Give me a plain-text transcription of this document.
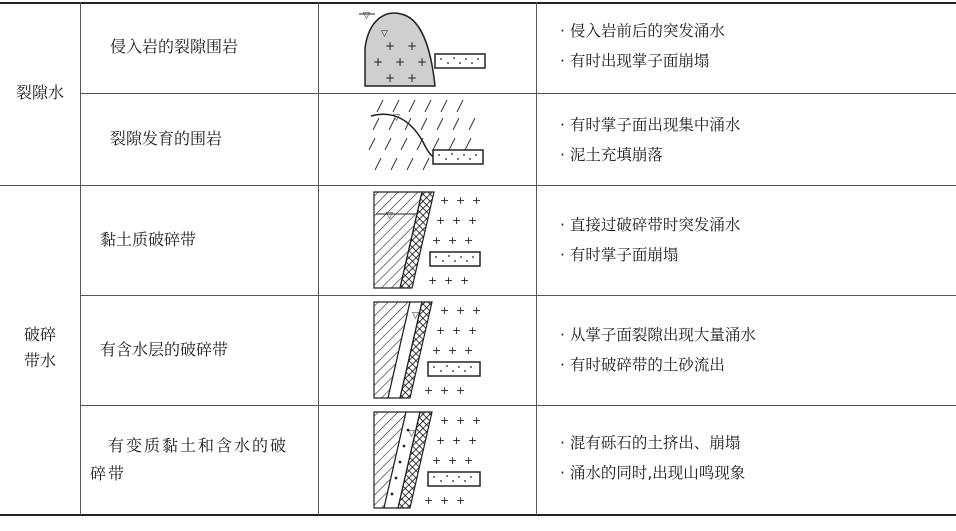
裂隙水
破碎
带水
侵入岩的裂隙围岩
▽
▽
+ +
+ + +
+ +
· 侵入岩前后的突发涌水
· 有时出现掌子面崩塌
裂隙发育的围岩
▽	· 有时掌子面出现集中涌水
· 泥土充填崩落
黏土质破碎带
▽
+ + +
+ + +
+ + +
+ + +
· 直接过破碎带时突发涌水
· 有时掌子面崩塌
有含水层的破碎带
▽ + + +
+ + +
+ + +
+ + +
· 从掌子面裂隙出现大量涌水
· 有时破碎带的土砂流出
有变质黏土和含水的破
碎带
▽
+ + +
+ + +
+ + +
+ + +
· 混有砾石的土挤出、崩塌
· 涌水的同时,出现山鸣现象
